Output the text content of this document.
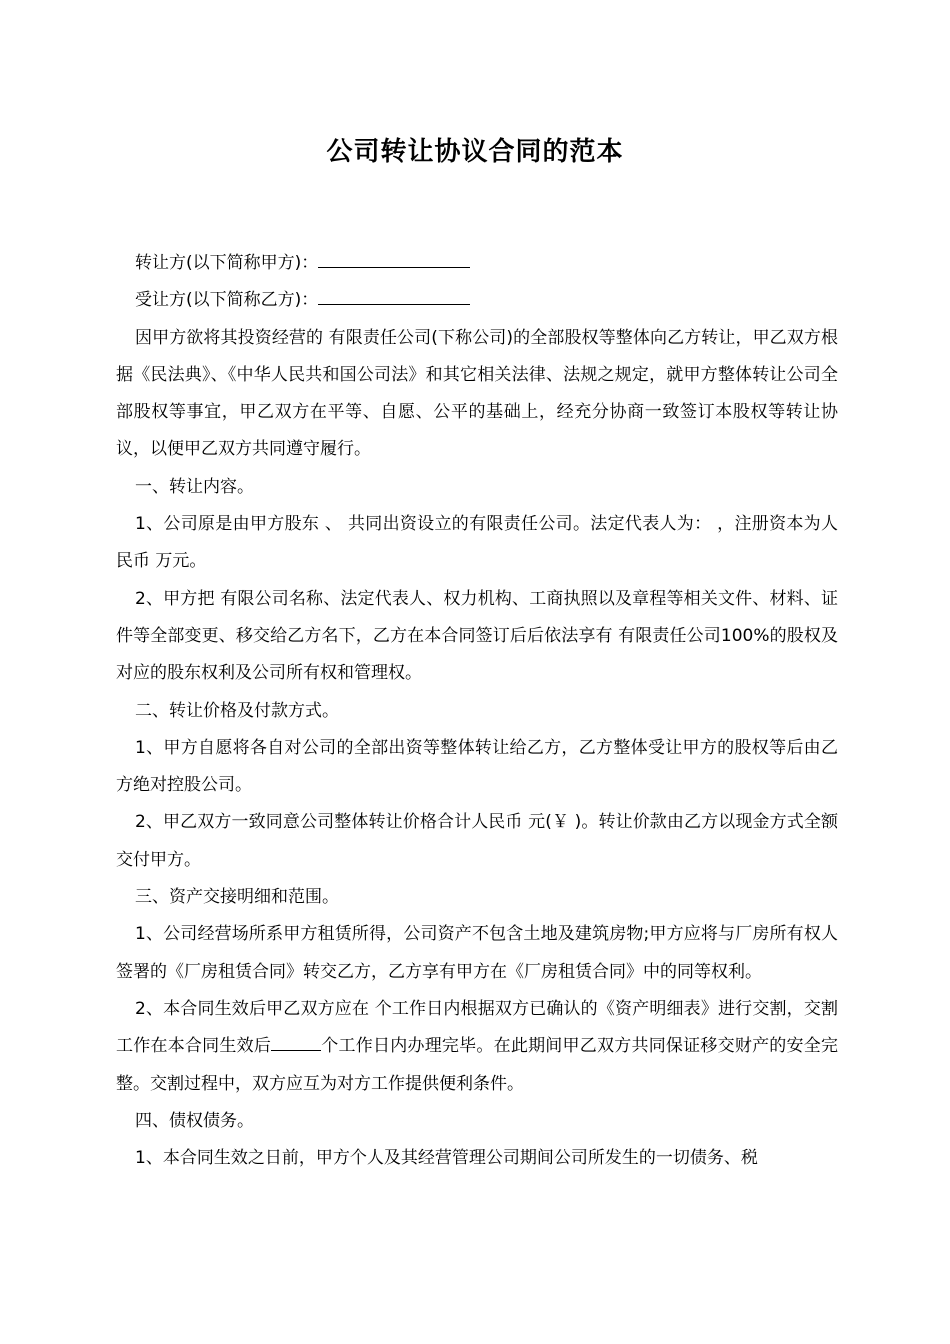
公司转让协议合同的范本

转让方(以下简称甲方)：

受让方(以下简称乙方)：

因甲方欲将其投资经营的 有限责任公司(下称公司)的全部股权等整体向乙方转让，甲乙双方根据《民法典》、《中华人民共和国公司法》和其它相关法律、法规之规定，就甲方整体转让公司全部股权等事宜，甲乙双方在平等、自愿、公平的基础上，经充分协商一致签订本股权等转让协议，以便甲乙双方共同遵守履行。

一、转让内容。

1、公司原是由甲方股东 、 共同出资设立的有限责任公司。法定代表人为： ，注册资本为人民币 万元。

2、甲方把 有限公司名称、法定代表人、权力机构、工商执照以及章程等相关文件、材料、证件等全部变更、移交给乙方名下，乙方在本合同签订后后依法享有 有限责任公司100%的股权及对应的股东权利及公司所有权和管理权。

二、转让价格及付款方式。

1、甲方自愿将各自对公司的全部出资等整体转让给乙方，乙方整体受让甲方的股权等后由乙方绝对控股公司。

2、甲乙双方一致同意公司整体转让价格合计人民币 元(￥ )。转让价款由乙方以现金方式全额交付甲方。

三、资产交接明细和范围。

1、公司经营场所系甲方租赁所得，公司资产不包含土地及建筑房物;甲方应将与厂房所有权人签署的《厂房租赁合同》转交乙方，乙方享有甲方在《厂房租赁合同》中的同等权利。

2、本合同生效后甲乙双方应在 个工作日内根据双方已确认的《资产明细表》进行交割，交割工作在本合同生效后	个工作日内办理完毕。在此期间甲乙双方共同保证移交财产的安全完整。交割过程中，双方应互为对方工作提供便利条件。

四、债权债务。

1、本合同生效之日前，甲方个人及其经营管理公司期间公司所发生的一切债务、税
